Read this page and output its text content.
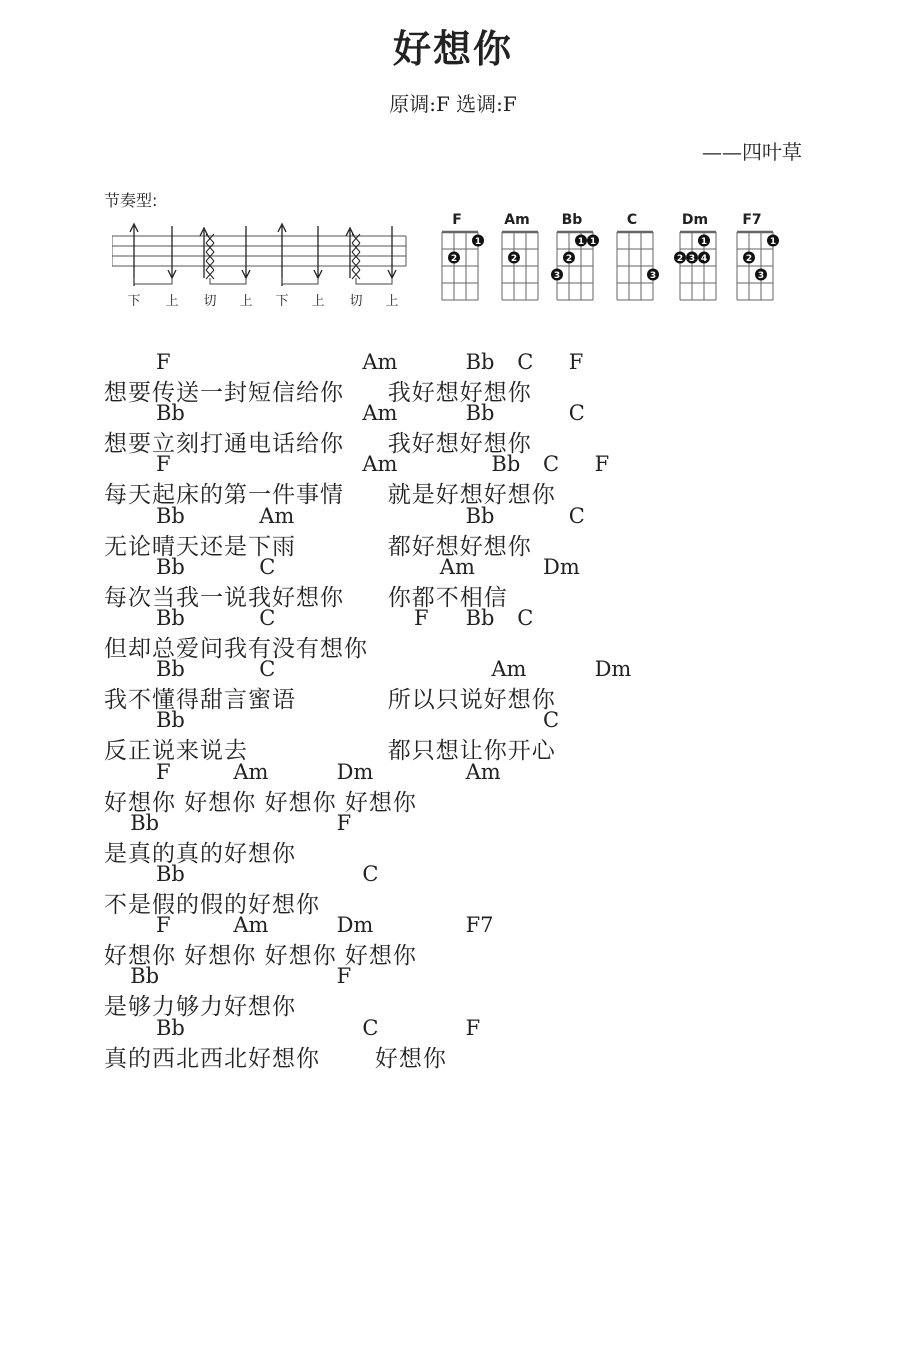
好想你
原调:F 选调:F
——四叶草
节奏型:
下 上 切 上 下 上 切 上
F
2
1
Am
2
Bb
2
3
1 1
C
3
Dm
2 3 4
1
F7
2
3
1
F	Am	Bb C F
想要传送一封短信给你 我好想好想你
Bb	Am	Bb	C
想要立刻打通电话给你 我好想好想你
F	Am	Bb C F
每天起床的第一件事情 就是好想好想你
Bb	Am	Bb	C
无论晴天还是下雨	都好想好想你
Bb	C	Am	Dm
每次当我一说我好想你 你都不相信
Bb	C	F Bb C
但却总爱问我有没有想你
Bb	C	Am	Dm
我不懂得甜言蜜语	所以只说好想你
Bb	C
反正说来说去	都只想让你开心
F	Am	Dm	Am
好想你 好想你 好想你 好想你
Bb	F
是真的真的好想你
Bb	C
不是假的假的好想你
F	Am	Dm	F7
好想你 好想你 好想你 好想你
Bb	F
是够力够力好想你
Bb	C	F
真的西北西北好想你 好想你
